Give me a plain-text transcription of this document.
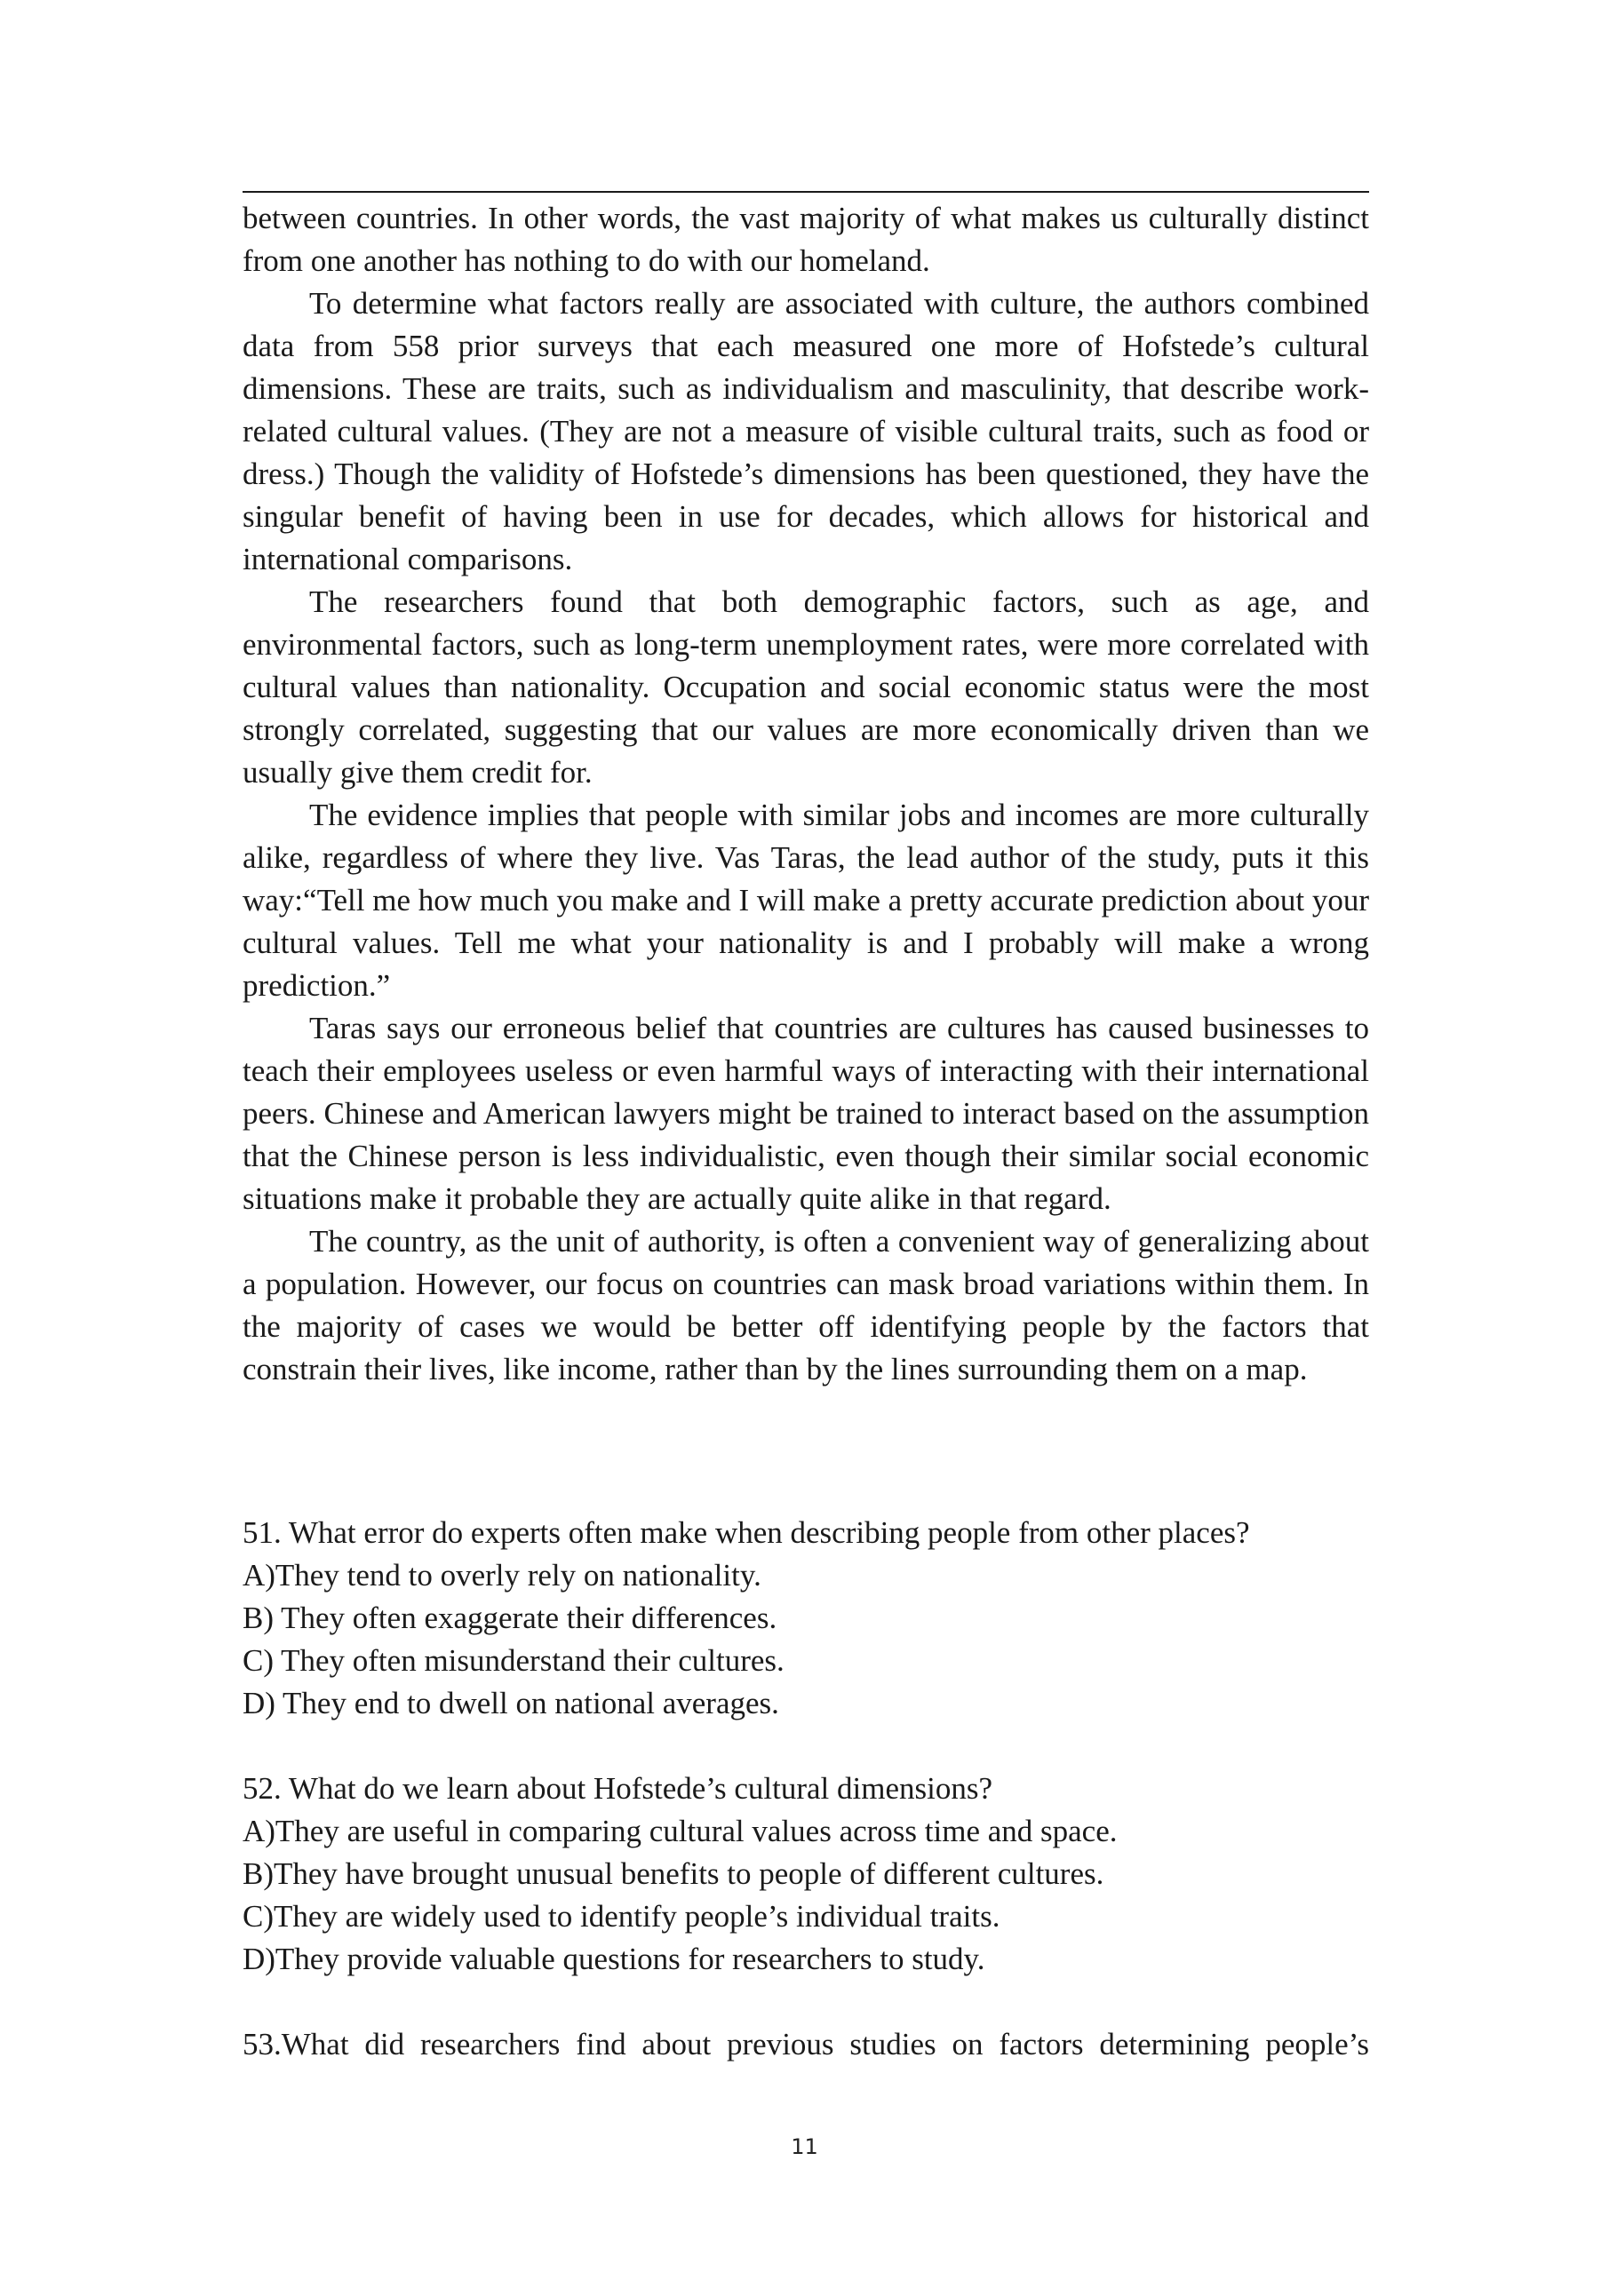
between countries. In other words, the vast majority of what makes us culturally distinct from one another has nothing to do with our homeland.

To determine what factors really are associated with culture, the authors combined data from 558 prior surveys that each measured one more of Hofstede’s cultural dimensions. These are traits, such as individualism and masculinity, that describe work-related cultural values. (They are not a measure of visible cultural traits, such as food or dress.) Though the validity of Hofstede’s dimensions has been questioned, they have the singular benefit of having been in use for decades, which allows for historical and international comparisons.

The researchers found that both demographic factors, such as age, and environmental factors, such as long-term unemployment rates, were more correlated with cultural values than nationality. Occupation and social economic status were the most strongly correlated, suggesting that our values are more economically driven than we usually give them credit for.

The evidence implies that people with similar jobs and incomes are more culturally alike, regardless of where they live. Vas Taras, the lead author of the study, puts it this way:“Tell me how much you make and I will make a pretty accurate prediction about your cultural values. Tell me what your nationality is and I probably will make a wrong prediction.”

Taras says our erroneous belief that countries are cultures has caused businesses to teach their employees useless or even harmful ways of interacting with their international peers. Chinese and American lawyers might be trained to interact based on the assumption that the Chinese person is less individualistic, even though their similar social economic situations make it probable they are actually quite alike in that regard.

The country, as the unit of authority, is often a convenient way of generalizing about a population. However, our focus on countries can mask broad variations within them. In the majority of cases we would be better off identifying people by the factors that constrain their lives, like income, rather than by the lines surrounding them on a map.

51. What error do experts often make when describing people from other places?
A)They tend to overly rely on nationality.
B) They often exaggerate their differences.
C) They often misunderstand their cultures.
D) They end to dwell on national averages.
52. What do we learn about Hofstede’s cultural dimensions?
A)They are useful in comparing cultural values across time and space.
B)They have brought unusual benefits to people of different cultures.
C)They are widely used to identify people’s individual traits.
D)They provide valuable questions for researchers to study.
53.What did researchers find about previous studies on factors determining people’s
11
